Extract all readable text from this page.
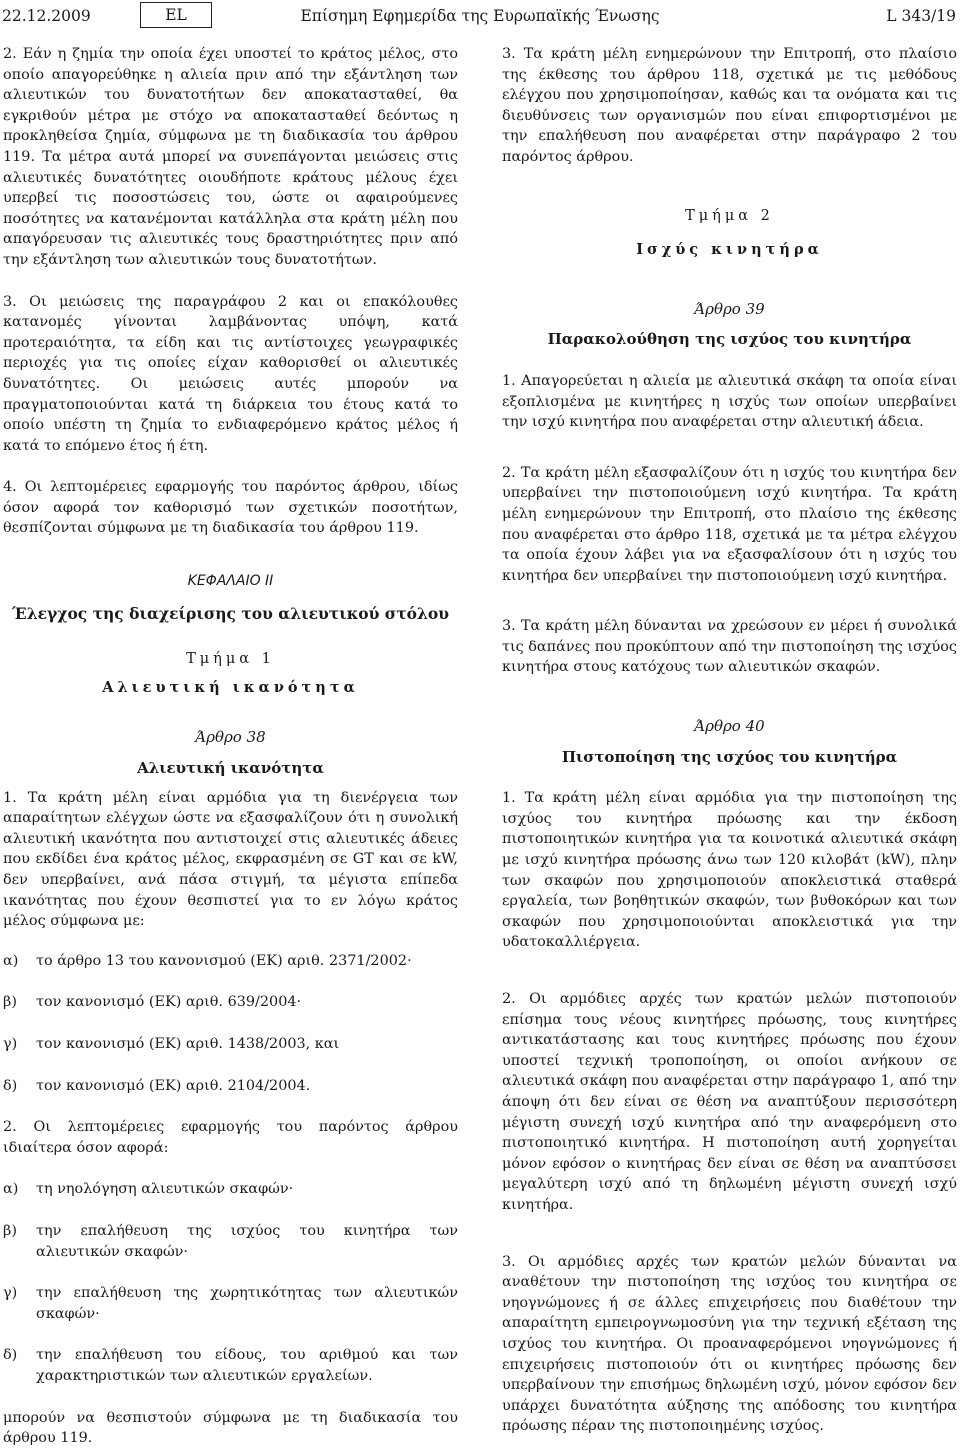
22.12.2009	EL	Επίσημη Εφημερίδα της Ευρωπαϊκής Ένωσης	L 343/19

2. Εάν η ζημία την οποία έχει υποστεί το κράτος μέλος, στο οποίο απαγορεύθηκε η αλιεία πριν από την εξάντληση των αλιευτικών του δυνατοτήτων δεν αποκατασταθεί, θα εγκριθούν μέτρα με στόχο να αποκατασταθεί δεόντως η προκληθείσα ζημία, σύμφωνα με τη διαδικασία του άρθρου 119. Τα μέτρα αυτά μπορεί να συνεπάγονται μειώσεις στις αλιευτικές δυνατότητες οιουδήποτε κράτους μέλους έχει υπερβεί τις ποσοστώσεις του, ώστε οι αφαιρούμενες ποσότητες να κατανέμονται κατάλληλα στα κράτη μέλη που απαγόρευσαν τις αλιευτικές τους δραστηριότητες πριν από την εξάντληση των αλιευτικών τους δυνατοτήτων.

3. Οι μειώσεις της παραγράφου 2 και οι επακόλουθες κατανομές γίνονται λαμβάνοντας υπόψη, κατά προτεραιότητα, τα είδη και τις αντίστοιχες γεωγραφικές περιοχές για τις οποίες είχαν καθορισθεί οι αλιευτικές δυνατότητες. Οι μειώσεις αυτές μπορούν να πραγματοποιούνται κατά τη διάρκεια του έτους κατά το οποίο υπέστη τη ζημία το ενδιαφερόμενο κράτος μέλος ή κατά το επόμενο έτος ή έτη.

4. Οι λεπτομέρειες εφαρμογής του παρόντος άρθρου, ιδίως όσον αφορά τον καθορισμό των σχετικών ποσοτήτων, θεσπίζονται σύμφωνα με τη διαδικασία του άρθρου 119.

ΚΕΦΑΛΑΙΟ II

Έλεγχος της διαχείρισης του αλιευτικού στόλου

Τμήμα 1

Αλιευτική ικανότητα

Άρθρο 38

Αλιευτική ικανότητα

1. Τα κράτη μέλη είναι αρμόδια για τη διενέργεια των απαραίτητων ελέγχων ώστε να εξασφαλίζουν ότι η συνολική αλιευτική ικανότητα που αντιστοιχεί στις αλιευτικές άδειες που εκδίδει ένα κράτος μέλος, εκφρασμένη σε GT και σε kW, δεν υπερβαίνει, ανά πάσα στιγμή, τα μέγιστα επίπεδα ικανότητας που έχουν θεσπιστεί για το εν λόγω κράτος μέλος σύμφωνα με:

α)	το άρθρο 13 του κανονισμού (ΕΚ) αριθ. 2371/2002·
β)	τον κανονισμό (ΕΚ) αριθ. 639/2004·
γ)	τον κανονισμό (ΕΚ) αριθ. 1438/2003, και
δ)	τον κανονισμό (ΕΚ) αριθ. 2104/2004.

2. Οι λεπτομέρειες εφαρμογής του παρόντος άρθρου ιδιαίτερα όσον αφορά:

α)	τη νηολόγηση αλιευτικών σκαφών·
β)	την επαλήθευση της ισχύος του κινητήρα των αλιευτικών σκαφών·
γ)	την επαλήθευση της χωρητικότητας των αλιευτικών σκαφών·
δ)	την επαλήθευση του είδους, του αριθμού και των χαρακτηριστικών των αλιευτικών εργαλείων.

μπορούν να θεσπιστούν σύμφωνα με τη διαδικασία του άρθρου 119.

3. Τα κράτη μέλη ενημερώνουν την Επιτροπή, στο πλαίσιο της έκθεσης του άρθρου 118, σχετικά με τις μεθόδους ελέγχου που χρησιμοποίησαν, καθώς και τα ονόματα και τις διευθύνσεις των οργανισμών που είναι επιφορτισμένοι με την επαλήθευση που αναφέρεται στην παράγραφο 2 του παρόντος άρθρου.

Τμήμα 2

Ισχύς κινητήρα

Άρθρο 39

Παρακολούθηση της ισχύος του κινητήρα

1. Απαγορεύεται η αλιεία με αλιευτικά σκάφη τα οποία είναι εξοπλισμένα με κινητήρες η ισχύς των οποίων υπερβαίνει την ισχύ κινητήρα που αναφέρεται στην αλιευτική άδεια.

2. Τα κράτη μέλη εξασφαλίζουν ότι η ισχύς του κινητήρα δεν υπερβαίνει την πιστοποιούμενη ισχύ κινητήρα. Τα κράτη μέλη ενημερώνουν την Επιτροπή, στο πλαίσιο της έκθεσης που αναφέρεται στο άρθρο 118, σχετικά με τα μέτρα ελέγχου τα οποία έχουν λάβει για να εξασφαλίσουν ότι η ισχύς του κινητήρα δεν υπερβαίνει την πιστοποιούμενη ισχύ κινητήρα.

3. Τα κράτη μέλη δύνανται να χρεώσουν εν μέρει ή συνολικά τις δαπάνες που προκύπτουν από την πιστοποίηση της ισχύος κινητήρα στους κατόχους των αλιευτικών σκαφών.

Άρθρο 40

Πιστοποίηση της ισχύος του κινητήρα

1. Τα κράτη μέλη είναι αρμόδια για την πιστοποίηση της ισχύος του κινητήρα πρόωσης και την έκδοση πιστοποιητικών κινητήρα για τα κοινοτικά αλιευτικά σκάφη με ισχύ κινητήρα πρόωσης άνω των 120 κιλοβάτ (kW), πλην των σκαφών που χρησιμοποιούν αποκλειστικά σταθερά εργαλεία, των βοηθητικών σκαφών, των βυθοκόρων και των σκαφών που χρησιμοποιούνται αποκλειστικά για την υδατοκαλλιέργεια.

2. Οι αρμόδιες αρχές των κρατών μελών πιστοποιούν επίσημα τους νέους κινητήρες πρόωσης, τους κινητήρες αντικατάστασης και τους κινητήρες πρόωσης που έχουν υποστεί τεχνική τροποποίηση, οι οποίοι ανήκουν σε αλιευτικά σκάφη που αναφέρεται στην παράγραφο 1, από την άποψη ότι δεν είναι σε θέση να αναπτύξουν περισσότερη μέγιστη συνεχή ισχύ κινητήρα από την αναφερόμενη στο πιστοποιητικό κινητήρα. Η πιστοποίηση αυτή χορηγείται μόνον εφόσον ο κινητήρας δεν είναι σε θέση να αναπτύσσει μεγαλύτερη ισχύ από τη δηλωμένη μέγιστη συνεχή ισχύ κινητήρα.

3. Οι αρμόδιες αρχές των κρατών μελών δύνανται να αναθέτουν την πιστοποίηση της ισχύος του κινητήρα σε νηογνώμονες ή σε άλλες επιχειρήσεις που διαθέτουν την απαραίτητη εμπειρογνωμοσύνη για την τεχνική εξέταση της ισχύος του κινητήρα. Οι προαναφερόμενοι νηογνώμονες ή επιχειρήσεις πιστοποιούν ότι οι κινητήρες πρόωσης δεν υπερβαίνουν την επισήμως δηλωμένη ισχύ, μόνον εφόσον δεν υπάρχει δυνατότητα αύξησης της απόδοσης του κινητήρα πρόωσης πέραν της πιστοποιημένης ισχύος.
